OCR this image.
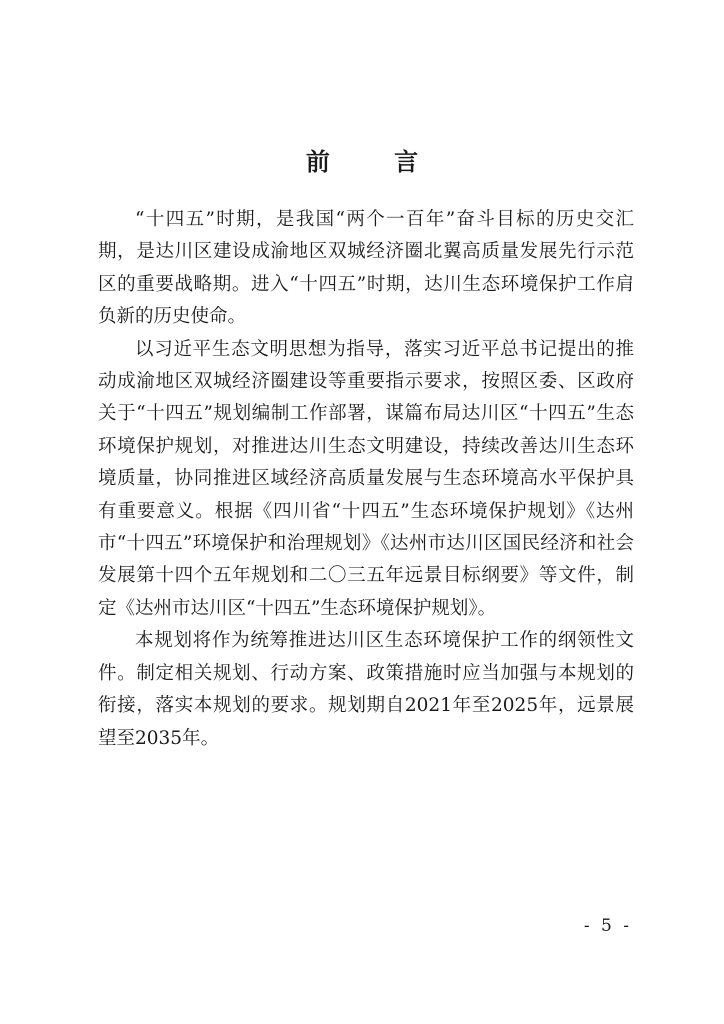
前 言

“十四五”时期，是我国“两个一百年”奋斗目标的历史交汇期，是达川区建设成渝地区双城经济圈北翼高质量发展先行示范区的重要战略期。进入“十四五”时期，达川生态环境保护工作肩负新的历史使命。

以习近平生态文明思想为指导，落实习近平总书记提出的推动成渝地区双城经济圈建设等重要指示要求，按照区委、区政府关于“十四五”规划编制工作部署，谋篇布局达川区“十四五”生态环境保护规划，对推进达川生态文明建设，持续改善达川生态环境质量，协同推进区域经济高质量发展与生态环境高水平保护具有重要意义。根据《四川省“十四五”生态环境保护规划》《达州市“十四五”环境保护和治理规划》《达州市达川区国民经济和社会发展第十四个五年规划和二〇三五年远景目标纲要》等文件，制定《达州市达川区“十四五”生态环境保护规划》。

本规划将作为统筹推进达川区生态环境保护工作的纲领性文件。制定相关规划、行动方案、政策措施时应当加强与本规划的衔接，落实本规划的要求。规划期自2021年至2025年，远景展望至2035年。

- 5 -
